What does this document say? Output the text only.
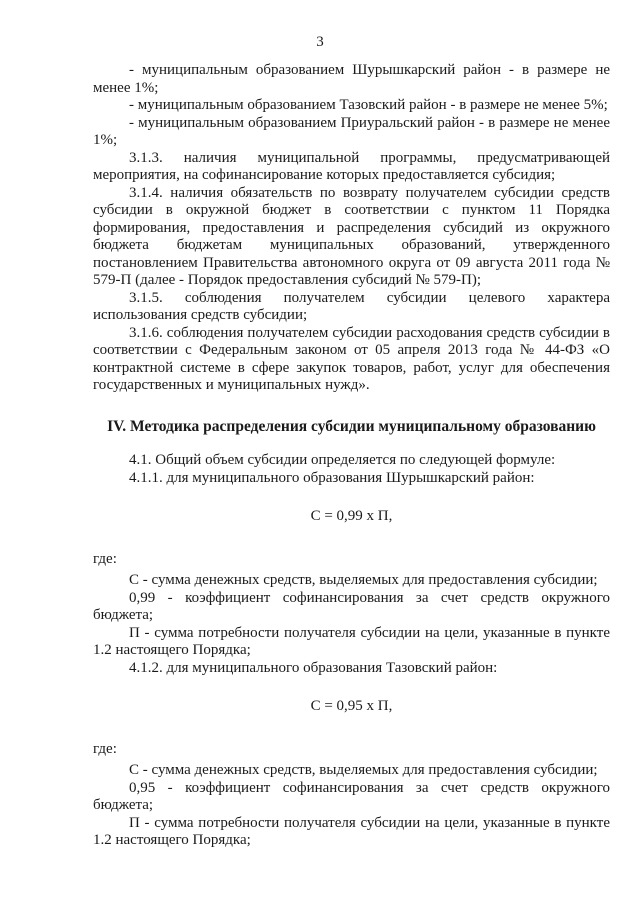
3

- муниципальным образованием Шурышкарский район - в размере не менее 1%;

- муниципальным образованием Тазовский район - в размере не менее 5%;

- муниципальным образованием Приуральский район - в размере не менее 1%;

3.1.3. наличия муниципальной программы, предусматривающей мероприятия, на софинансирование которых предоставляется субсидия;

3.1.4. наличия обязательств по возврату получателем субсидии средств субсидии в окружной бюджет в соответствии с пунктом 11 Порядка формирования, предоставления и распределения субсидий из окружного бюджета бюджетам муниципальных образований, утвержденного постановлением Правительства автономного округа от 09 августа 2011 года № 579-П (далее - Порядок предоставления субсидий № 579-П);

3.1.5. соблюдения получателем субсидии целевого характера использования средств субсидии;

3.1.6. соблюдения получателем субсидии расходования средств субсидии в соответствии с Федеральным законом от 05 апреля 2013 года № 44-ФЗ «О контрактной системе в сфере закупок товаров, работ, услуг для обеспечения государственных и муниципальных нужд».

IV. Методика распределения субсидии муниципальному образованию

4.1. Общий объем субсидии определяется по следующей формуле:

4.1.1. для муниципального образования Шурышкарский район:

С = 0,99 х П,

где:

С - сумма денежных средств, выделяемых для предоставления субсидии;

0,99 - коэффициент софинансирования за счет средств окружного бюджета;

П - сумма потребности получателя субсидии на цели, указанные в пункте 1.2 настоящего Порядка;

4.1.2. для муниципального образования Тазовский район:

С = 0,95 х П,

где:

С - сумма денежных средств, выделяемых для предоставления субсидии;

0,95 - коэффициент софинансирования за счет средств окружного бюджета;

П - сумма потребности получателя субсидии на цели, указанные в пункте 1.2 настоящего Порядка;
